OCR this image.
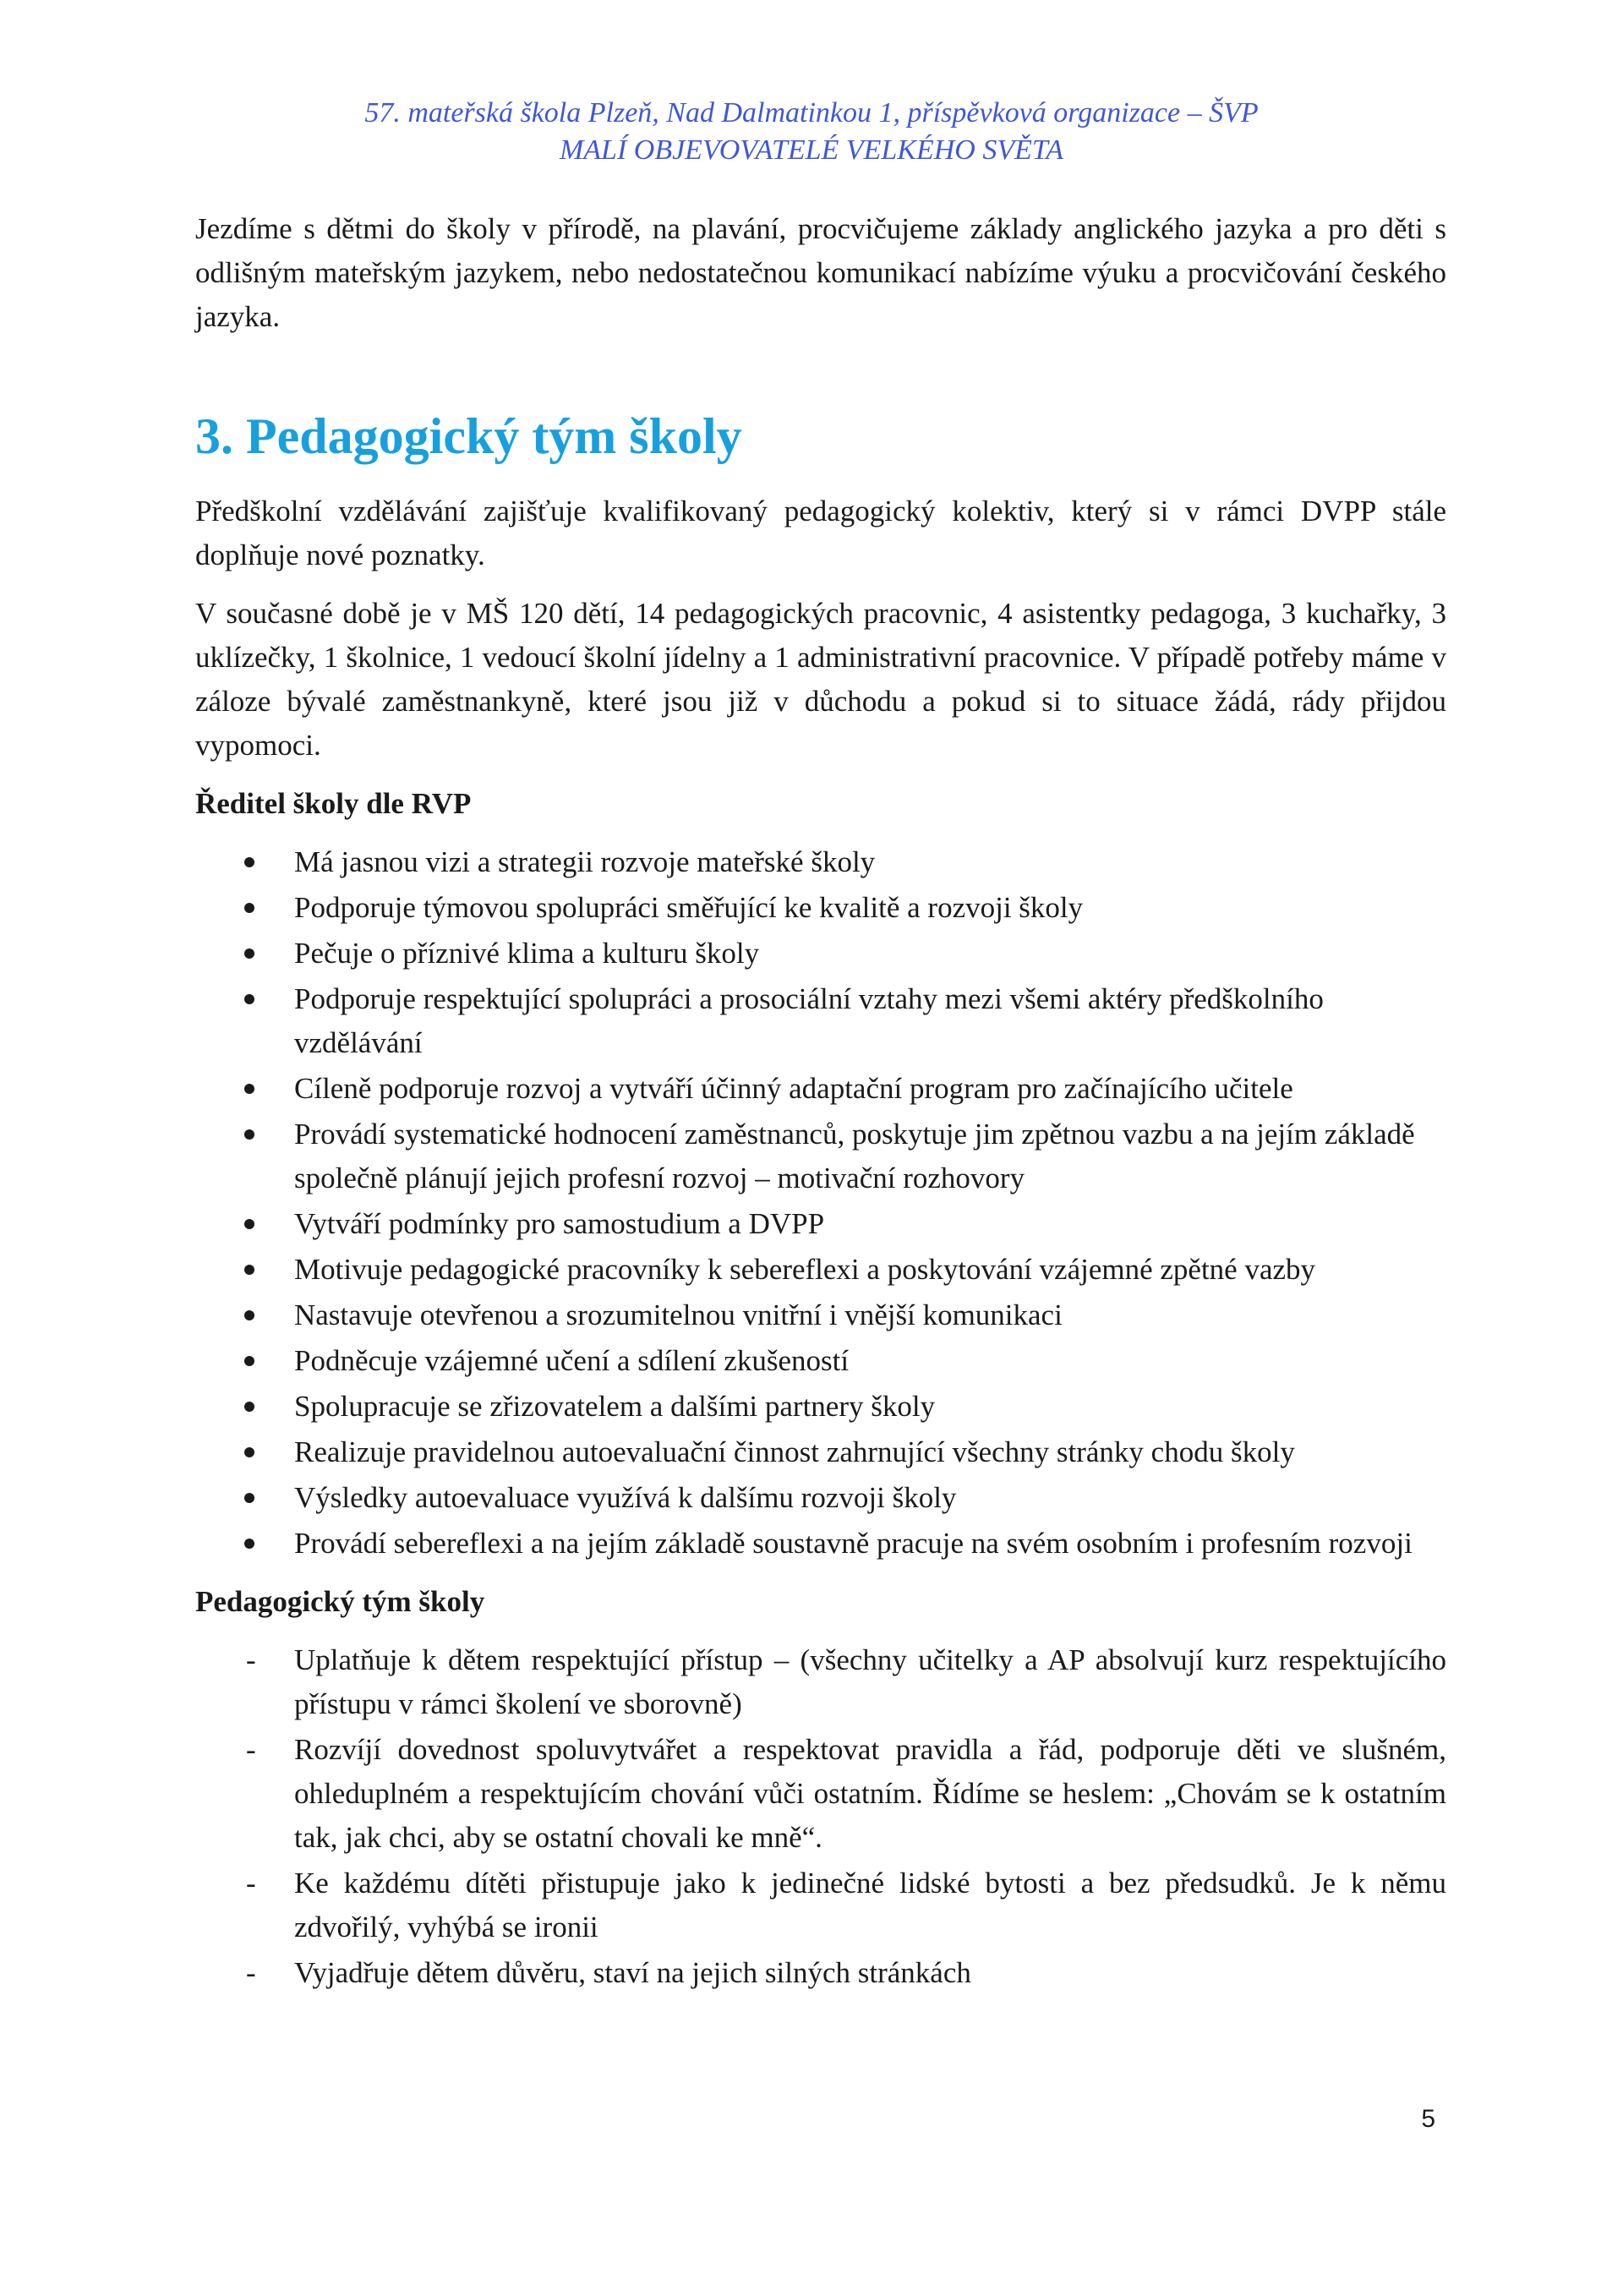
57. mateřská škola Plzeň, Nad Dalmatinkou 1, příspěvková organizace – ŠVP
MALÍ OBJEVOVATELÉ VELKÉHO SVĚTA

Jezdíme s dětmi do školy v přírodě, na plavání, procvičujeme základy anglického jazyka a pro děti s odlišným mateřským jazykem, nebo nedostatečnou komunikací nabízíme výuku a procvičování českého jazyka.

3. Pedagogický tým školy

Předškolní vzdělávání zajišťuje kvalifikovaný pedagogický kolektiv, který si v rámci DVPP stále doplňuje nové poznatky.

V současné době je v MŠ 120 dětí, 14 pedagogických pracovnic, 4 asistentky pedagoga, 3 kuchařky, 3 uklízečky, 1 školnice, 1 vedoucí školní jídelny a 1 administrativní pracovnice. V případě potřeby máme v záloze bývalé zaměstnankyně, které jsou již v důchodu a pokud si to situace žádá, rády přijdou vypomoci.

Ředitel školy dle RVP

Má jasnou vizi a strategii rozvoje mateřské školy
Podporuje týmovou spolupráci směřující ke kvalitě a rozvoji školy
Pečuje o příznivé klima a kulturu školy
Podporuje respektující spolupráci a prosociální vztahy mezi všemi aktéry předškolního vzdělávání
Cíleně podporuje rozvoj a vytváří účinný adaptační program pro začínajícího učitele
Provádí systematické hodnocení zaměstnanců, poskytuje jim zpětnou vazbu a na jejím základě společně plánují jejich profesní rozvoj – motivační rozhovory
Vytváří podmínky pro samostudium a DVPP
Motivuje pedagogické pracovníky k sebereflexi a poskytování vzájemné zpětné vazby
Nastavuje otevřenou a srozumitelnou vnitřní i vnější komunikaci
Podněcuje vzájemné učení a sdílení zkušeností
Spolupracuje se zřizovatelem a dalšími partnery školy
Realizuje pravidelnou autoevaluační činnost zahrnující všechny stránky chodu školy
Výsledky autoevaluace využívá k dalšímu rozvoji školy
Provádí sebereflexi a na jejím základě soustavně pracuje na svém osobním i profesním rozvoji

Pedagogický tým školy

-	Uplatňuje k dětem respektující přístup – (všechny učitelky a AP absolvují kurz respektujícího přístupu v rámci školení ve sborovně)
-	Rozvíjí dovednost spoluvytvářet a respektovat pravidla a řád, podporuje děti ve slušném, ohleduplném a respektujícím chování vůči ostatním. Řídíme se heslem: „Chovám se k ostatním tak, jak chci, aby se ostatní chovali ke mně“.
-	Ke každému dítěti přistupuje jako k jedinečné lidské bytosti a bez předsudků. Je k němu zdvořilý, vyhýbá se ironii
-	Vyjadřuje dětem důvěru, staví na jejich silných stránkách
5
